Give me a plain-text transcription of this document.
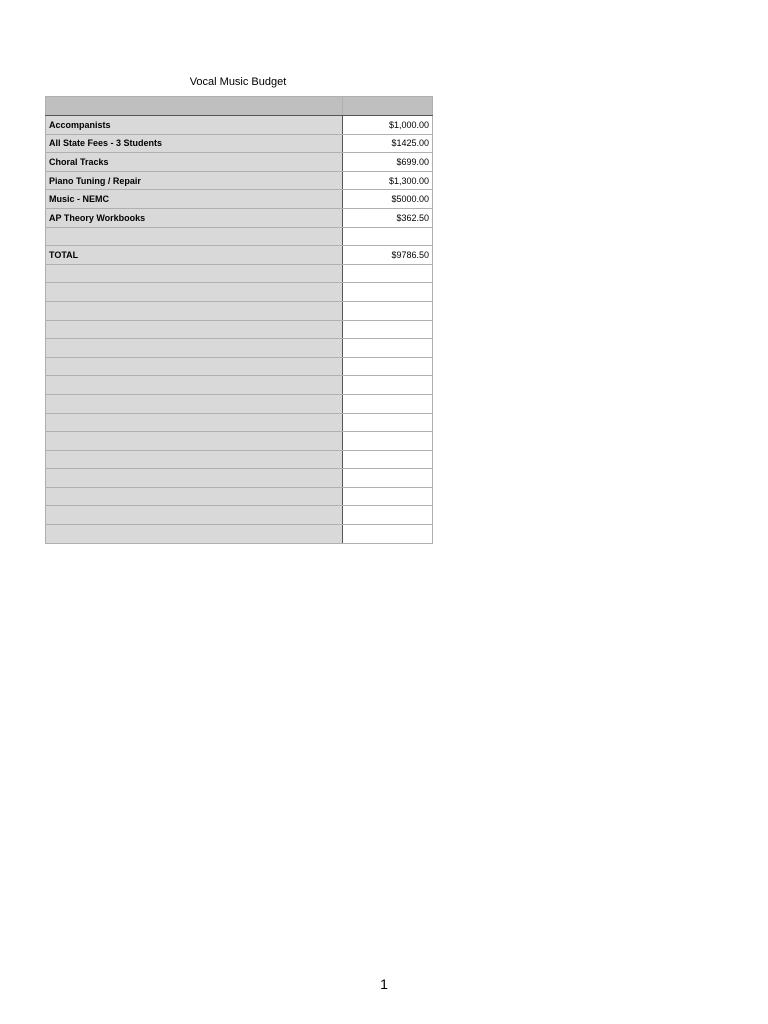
Vocal Music Budget

Accompanists	$1,000.00
All State Fees - 3 Students	$1425.00
Choral Tracks	$699.00
Piano Tuning / Repair	$1,300.00
Music - NEMC	$5000.00
AP Theory Workbooks	$362.50

TOTAL	$9786.50

1
